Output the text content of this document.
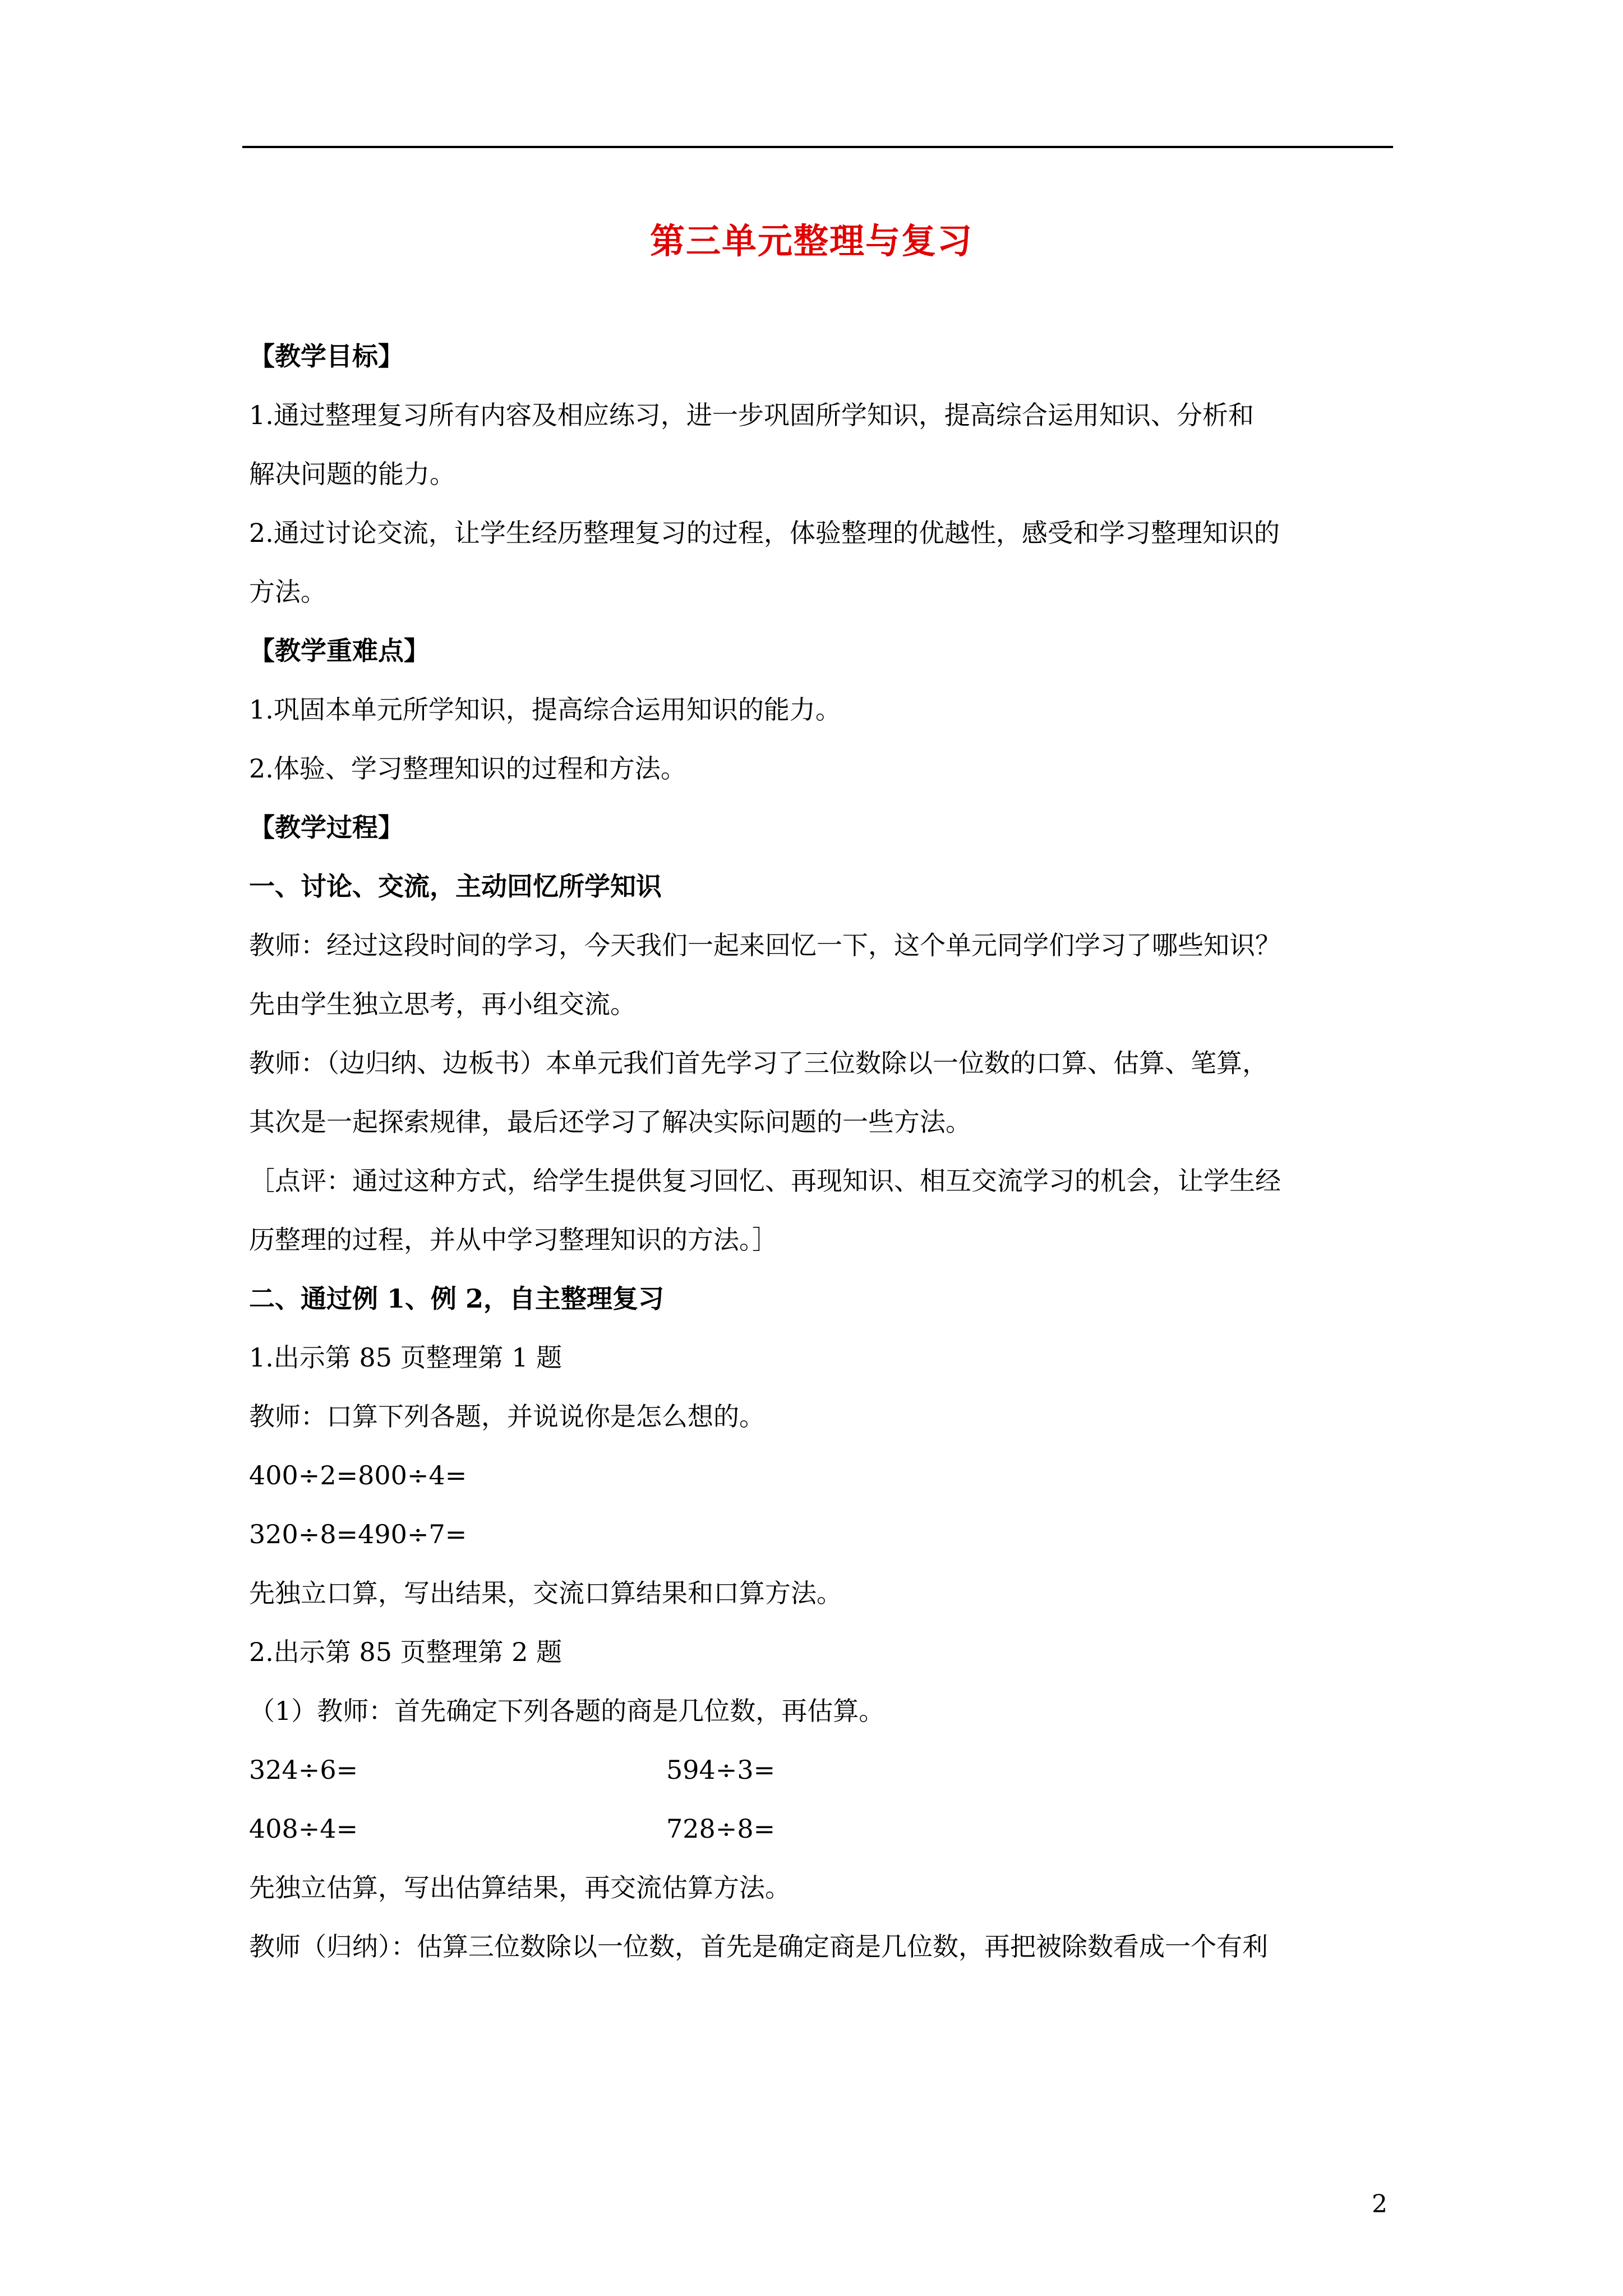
第三单元整理与复习
【教学目标】
1.通过整理复习所有内容及相应练习，进一步巩固所学知识，提高综合运用知识、分析和
解决问题的能力。
2.通过讨论交流，让学生经历整理复习的过程，体验整理的优越性，感受和学习整理知识的
方法。
【教学重难点】
1.巩固本单元所学知识，提高综合运用知识的能力。
2.体验、学习整理知识的过程和方法。
【教学过程】
一、讨论、交流，主动回忆所学知识
教师：经过这段时间的学习，今天我们一起来回忆一下，这个单元同学们学习了哪些知识？
先由学生独立思考，再小组交流。
教师：（边归纳、边板书）本单元我们首先学习了三位数除以一位数的口算、估算、笔算，
其次是一起探索规律，最后还学习了解决实际问题的一些方法。
［点评：通过这种方式，给学生提供复习回忆、再现知识、相互交流学习的机会，让学生经
历整理的过程，并从中学习整理知识的方法。］
二、通过例 1、例 2，自主整理复习
1.出示第 85 页整理第 1 题
教师：口算下列各题，并说说你是怎么想的。
400÷2=800÷4=
320÷8=490÷7=
先独立口算，写出结果，交流口算结果和口算方法。
2.出示第 85 页整理第 2 题
（1）教师：首先确定下列各题的商是几位数，再估算。
324÷6=	594÷3=
408÷4=	728÷8=
先独立估算，写出估算结果，再交流估算方法。
教师（归纳）：估算三位数除以一位数，首先是确定商是几位数，再把被除数看成一个有利
2
